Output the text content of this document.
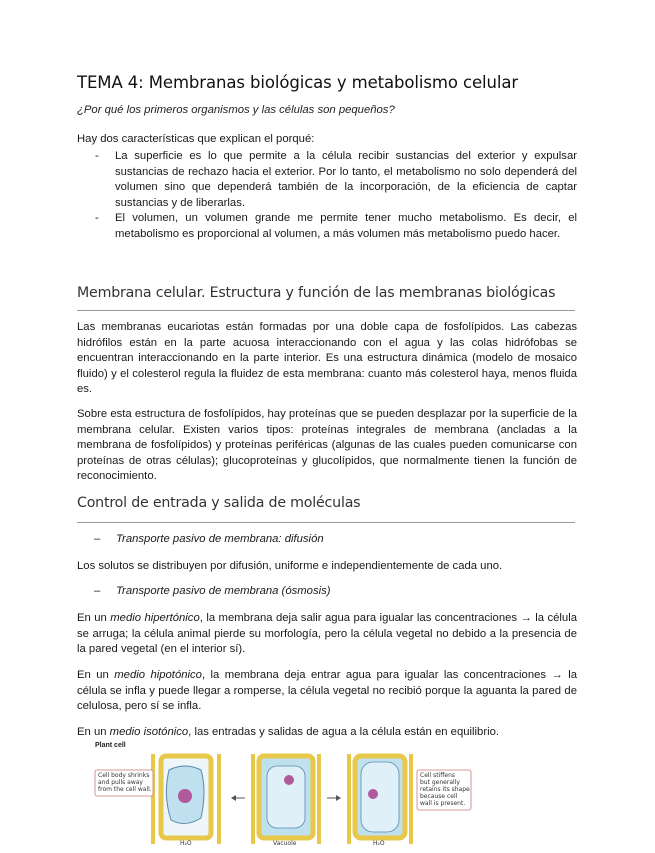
TEMA 4: Membranas biológicas y metabolismo celular

¿Por qué los primeros organismos y las células son pequeños?

Hay dos características que explican el porqué:

- La superficie es lo que permite a la célula recibir sustancias del exterior y expulsar sustancias de rechazo hacia el exterior. Por lo tanto, el metabolismo no solo dependerá del volumen sino que dependerá también de la incorporación, de la eficiencia de captar sustancias y de liberarlas.
- El volumen, un volumen grande me permite tener mucho metabolismo. Es decir, el metabolismo es proporcional al volumen, a más volumen más metabolismo puedo hacer.
Membrana celular. Estructura y función de las membranas biológicas

Las membranas eucariotas están formadas por una doble capa de fosfolípidos. Las cabezas hidrófilos están en la parte acuosa interaccionando con el agua y las colas hidrófobas se encuentran interaccionando en la parte interior. Es una estructura dinámica (modelo de mosaico fluido) y el colesterol regula la fluidez de esta membrana: cuanto más colesterol haya, menos fluida es.

Sobre esta estructura de fosfolípidos, hay proteínas que se pueden desplazar por la superficie de la membrana celular. Existen varios tipos: proteínas integrales de membrana (ancladas a la membrana de fosfolípidos) y proteínas periféricas (algunas de las cuales pueden comunicarse con proteínas de otras células); glucoproteínas y glucolípidos, que normalmente tienen la función de reconocimiento.

Control de entrada y salida de moléculas
– Transporte pasivo de membrana: difusión

Los solutos se distribuyen por difusión, uniforme e independientemente de cada uno.

– Transporte pasivo de membrana (ósmosis)

En un medio hipertónico, la membrana deja salir agua para igualar las concentraciones → la célula se arruga; la célula animal pierde su morfología, pero la célula vegetal no debido a la presencia de la pared vegetal (en el interior sí).

En un medio hipotónico, la membrana deja entrar agua para igualar las concentraciones → la célula se infla y puede llegar a romperse, la célula vegetal no recibió porque la aguanta la pared de celulosa, pero sí se infla.

En un medio isotónico, las entradas y salidas de agua a la célula están en equilibrio.

Plant cell
Cell body shrinks
and pulls away
from the cell wall.
Vacuole
Cell stiffens
but generally
retains its shape
because cell
wall is present.
H₂O	H₂O
